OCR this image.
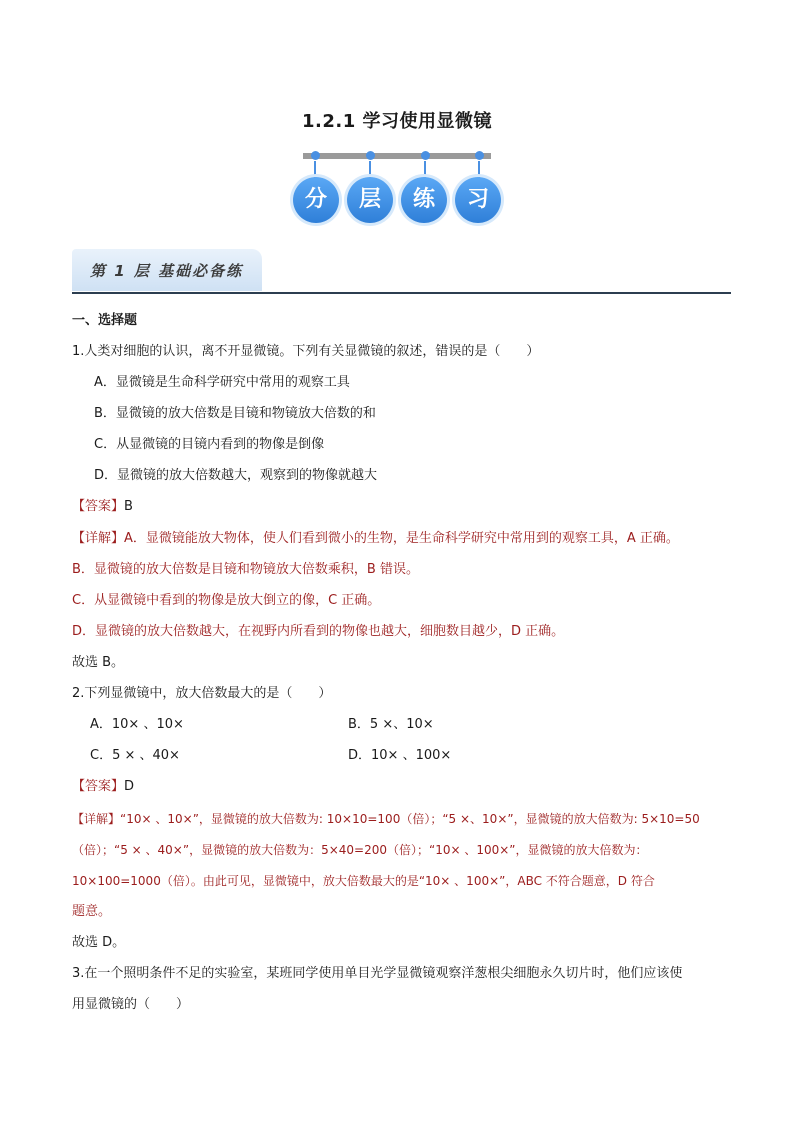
1.2.1 学习使用显微镜
分	层	练	习
第 1 层 基础必备练
一、选择题
1.人类对细胞的认识，离不开显微镜。下列有关显微镜的叙述，错误的是（　　）
A．显微镜是生命科学研究中常用的观察工具
B．显微镜的放大倍数是目镜和物镜放大倍数的和
C．从显微镜的目镜内看到的物像是倒像
D．显微镜的放大倍数越大，观察到的物像就越大
【答案】B
【详解】A．显微镜能放大物体，使人们看到微小的生物，是生命科学研究中常用到的观察工具，A 正确。
B．显微镜的放大倍数是目镜和物镜放大倍数乘积，B 错误。
C．从显微镜中看到的物像是放大倒立的像，C 正确。
D．显微镜的放大倍数越大，在视野内所看到的物像也越大，细胞数目越少，D 正确。
故选 B。
2.下列显微镜中，放大倍数最大的是（　　）
A．10× 、10×	B．5 ×、10×
C．5 × 、40×	D．10× 、100×
【答案】D
【详解】“10× 、10×”，显微镜的放大倍数为: 10×10=100（倍）；“5 ×、10×”，显微镜的放大倍数为: 5×10=50
（倍）；“5 × 、40×”，显微镜的放大倍数为：5×40=200（倍）；“10× 、100×”，显微镜的放大倍数为：
10×100=1000（倍）。由此可见，显微镜中，放大倍数最大的是“10× 、100×”，ABC 不符合题意，D 符合
题意。
故选 D。
3.在一个照明条件不足的实验室，某班同学使用单目光学显微镜观察洋葱根尖细胞永久切片时，他们应该使
用显微镜的（　　）
